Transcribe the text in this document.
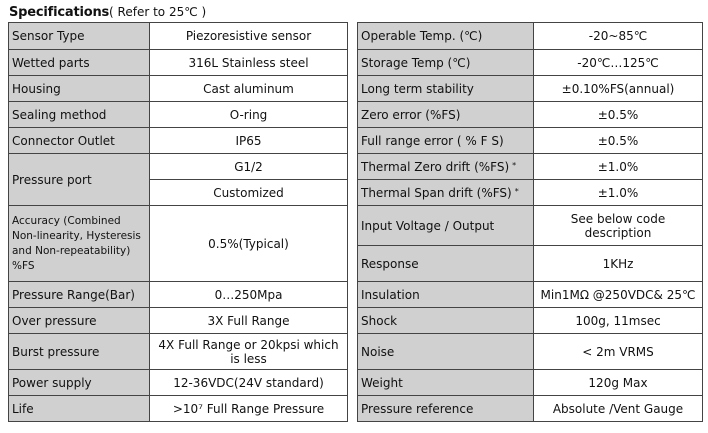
Specifications( Refer to 25℃ )
Sensor Type	Piezoresistive sensor		Operable Temp. (℃)	-20~85℃
Wetted parts	316L Stainless steel		Storage Temp (℃)	-20℃…125℃
Housing	Cast aluminum		Long term stability	±0.10%FS(annual)
Sealing method	O-ring		Zero error (%FS)	±0.5%
Connector Outlet	IP65		Full range error ( % F S)	±0.5%
Pressure port	G1/2		Thermal Zero drift (%FS) *	±1.0%
	Customized		Thermal Span drift (%FS) *	±1.0%
Accuracy (Combined Non-linearity, Hysteresis and Non-repeatability) %FS	0.5%(Typical)		Input Voltage / Output	See below code description
			Response	1KHz
Pressure Range(Bar)	0…250Mpa		Insulation	Min1MΩ @250VDC& 25℃
Over pressure	3X Full Range		Shock	100g, 11msec
Burst pressure	4X Full Range or 20kpsi which is less		Noise	< 2m VRMS
Power supply	12-36VDC(24V standard)		Weight	120g Max
Life	>10⁷ Full Range Pressure		Pressure reference	Absolute /Vent Gauge
